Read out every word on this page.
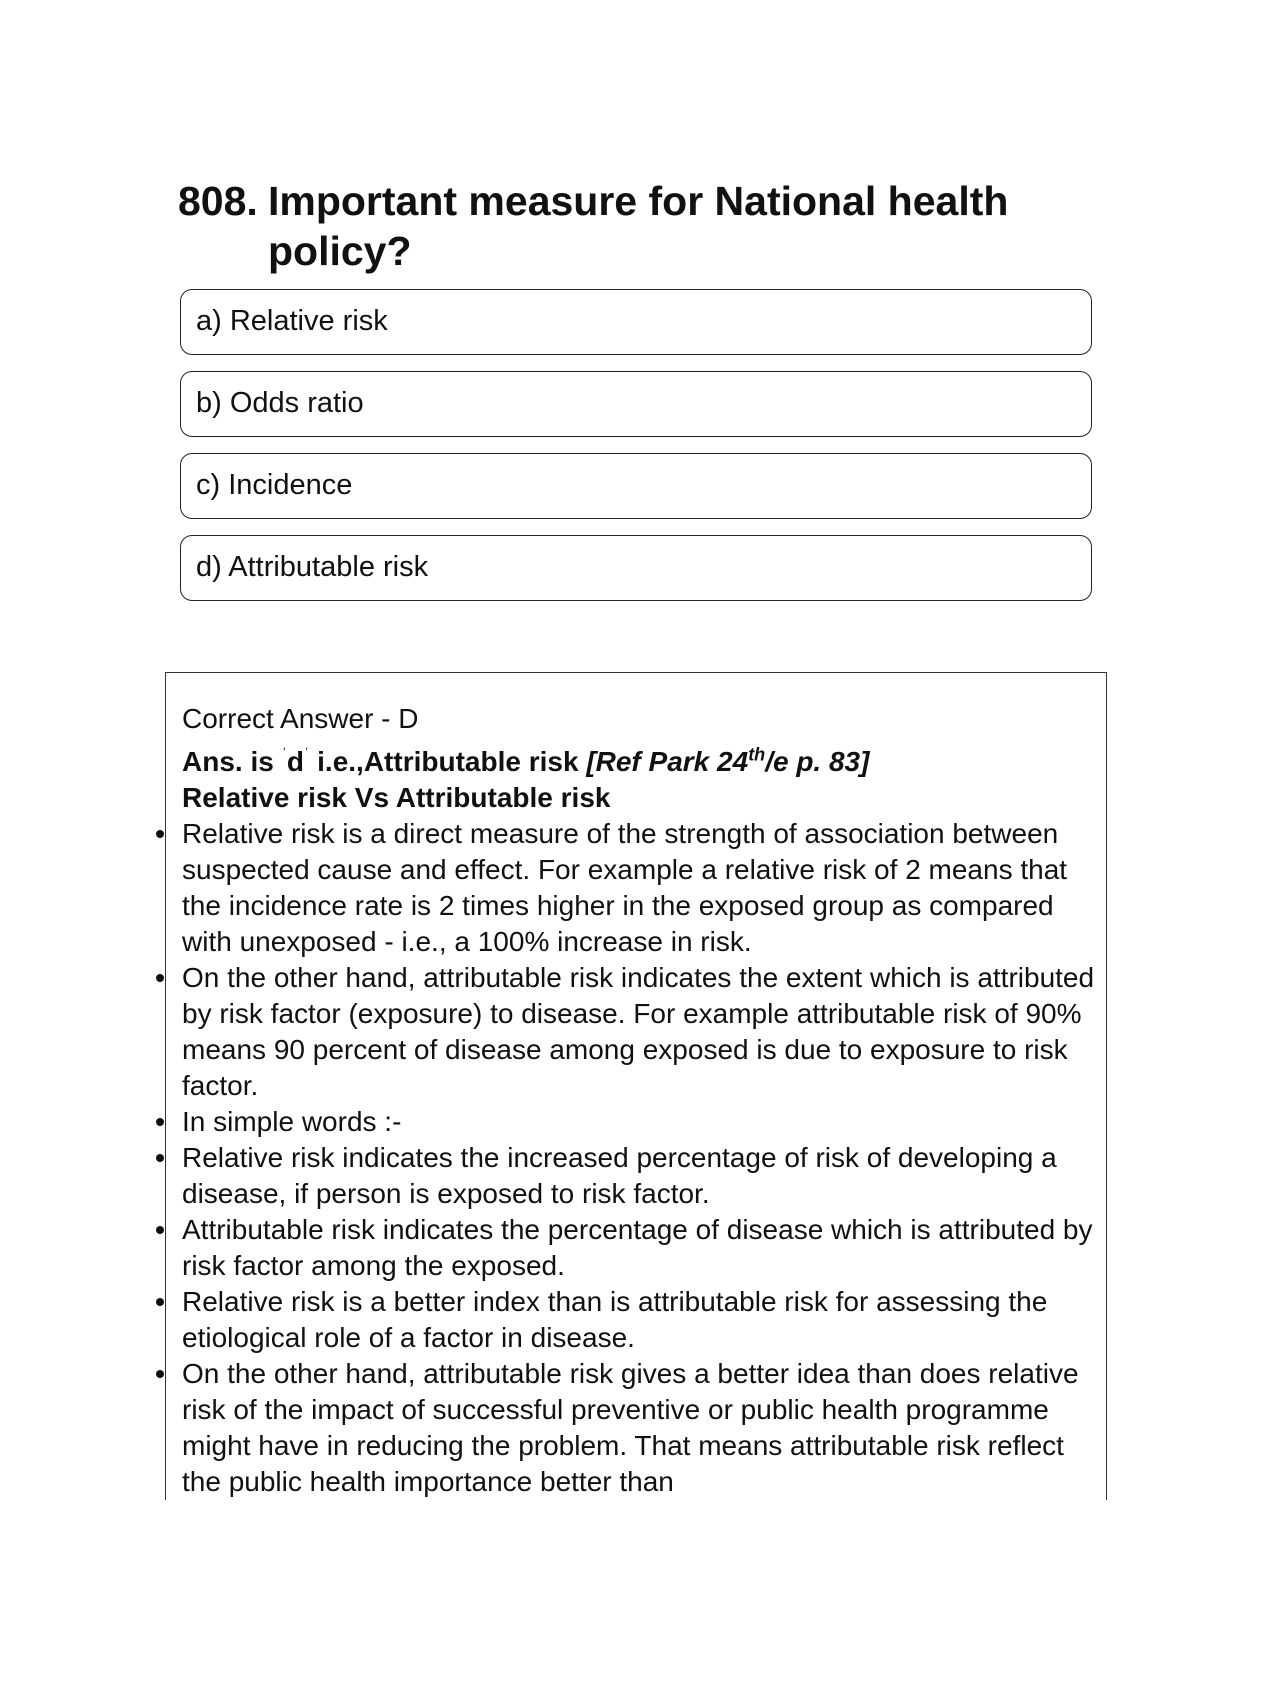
808. Important measure for National health policy?
a) Relative risk
b) Odds ratio
c) Incidence
d) Attributable risk
Correct Answer - D
Ans. is $^ˈd^ˈ$ i.e.,Attributable risk [Ref Park 24th/e p. 83]
Relative risk Vs Attributable risk
Relative risk is a direct measure of the strength of association between suspected cause and effect. For example a relative risk of 2 means that the incidence rate is 2 times higher in the exposed group as compared with unexposed - i.e., a 100% increase in risk.
On the other hand, attributable risk indicates the extent which is attributed by risk factor (exposure) to disease. For example attributable risk of 90% means 90 percent of disease among exposed is due to exposure to risk factor.
In simple words :-
Relative risk indicates the increased percentage of risk of developing a disease, if person is exposed to risk factor.
Attributable risk indicates the percentage of disease which is attributed by risk factor among the exposed.
Relative risk is a better index than is attributable risk for assessing the etiological role of a factor in disease.
On the other hand, attributable risk gives a better idea than does relative risk of the impact of successful preventive or public health programme might have in reducing the problem. That means attributable risk reflect the public health importance better than
